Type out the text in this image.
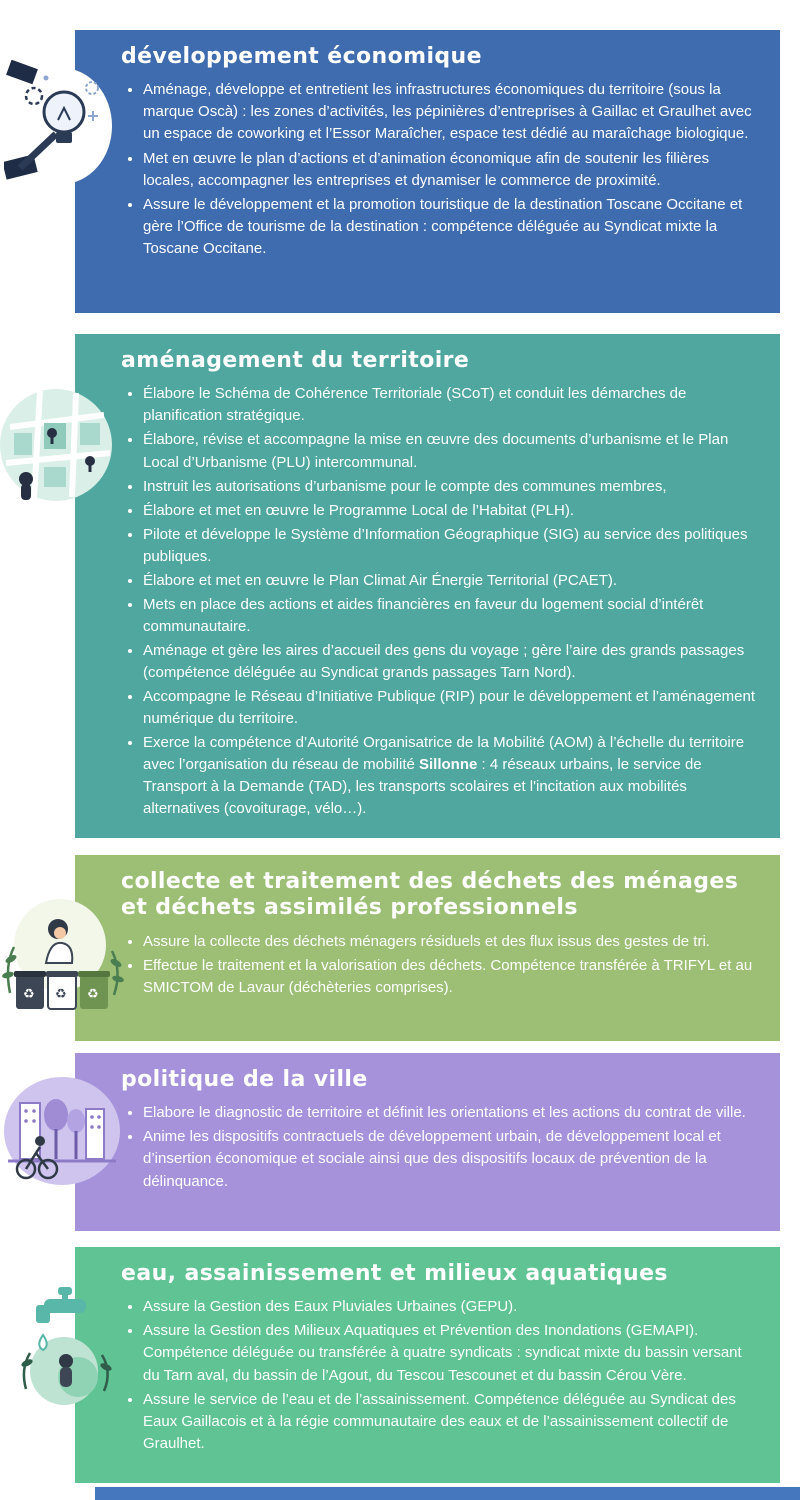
développement économique
• Aménage, développe et entretient les infrastructures économiques du territoire (sous la marque Oscà) : les zones d’activités, les pépinières d’entreprises à Gaillac et Graulhet avec un espace de coworking et l’Essor Maraîcher, espace test dédié au maraîchage biologique.
• Met en œuvre le plan d’actions et d’animation économique afin de soutenir les filières locales, accompagner les entreprises et dynamiser le commerce de proximité.
• Assure le développement et la promotion touristique de la destination Toscane Occitane et gère l’Office de tourisme de la destination : compétence déléguée au Syndicat mixte la Toscane Occitane.
aménagement du territoire
• Élabore le Schéma de Cohérence Territoriale (SCoT) et conduit les démarches de planification stratégique.
• Élabore, révise et accompagne la mise en œuvre des documents d’urbanisme et le Plan Local d’Urbanisme (PLU) intercommunal.
• Instruit les autorisations d’urbanisme pour le compte des communes membres,
• Élabore et met en œuvre le Programme Local de l’Habitat (PLH).
• Pilote et développe le Système d’Information Géographique (SIG) au service des politiques publiques.
• Élabore et met en œuvre le Plan Climat Air Énergie Territorial (PCAET).
• Mets en place des actions et aides financières en faveur du logement social d’intérêt communautaire.
• Aménage et gère les aires d’accueil des gens du voyage ; gère l’aire des grands passages (compétence déléguée au Syndicat grands passages Tarn Nord).
• Accompagne le Réseau d’Initiative Publique (RIP) pour le développement et l’aménagement numérique du territoire.
• Exerce la compétence d’Autorité Organisatrice de la Mobilité (AOM) à l’échelle du territoire avec l’organisation du réseau de mobilité Sillonne : 4 réseaux urbains, le service de Transport à la Demande (TAD), les transports scolaires et l'incitation aux mobilités alternatives (covoiturage, vélo…).
collecte et traitement des déchets des ménages et déchets assimilés professionnels
• Assure la collecte des déchets ménagers résiduels et des flux issus des gestes de tri.
• Effectue le traitement et la valorisation des déchets. Compétence transférée à TRIFYL et au SMICTOM de Lavaur (déchèteries comprises).
♻ ♻ ♻
politique de la ville
• Elabore le diagnostic de territoire et définit les orientations et les actions du contrat de ville.
• Anime les dispositifs contractuels de développement urbain, de développement local et d’insertion économique et sociale ainsi que des dispositifs locaux de prévention de la délinquance.
eau, assainissement et milieux aquatiques
• Assure la Gestion des Eaux Pluviales Urbaines (GEPU).
• Assure la Gestion des Milieux Aquatiques et Prévention des Inondations (GEMAPI). Compétence déléguée ou transférée à quatre syndicats : syndicat mixte du bassin versant du Tarn aval, du bassin de l’Agout, du Tescou Tescounet et du bassin Cérou Vère.
• Assure le service de l’eau et de l’assainissement. Compétence déléguée au Syndicat des Eaux Gaillacois et à la régie communautaire des eaux et de l’assainissement collectif de Graulhet.
